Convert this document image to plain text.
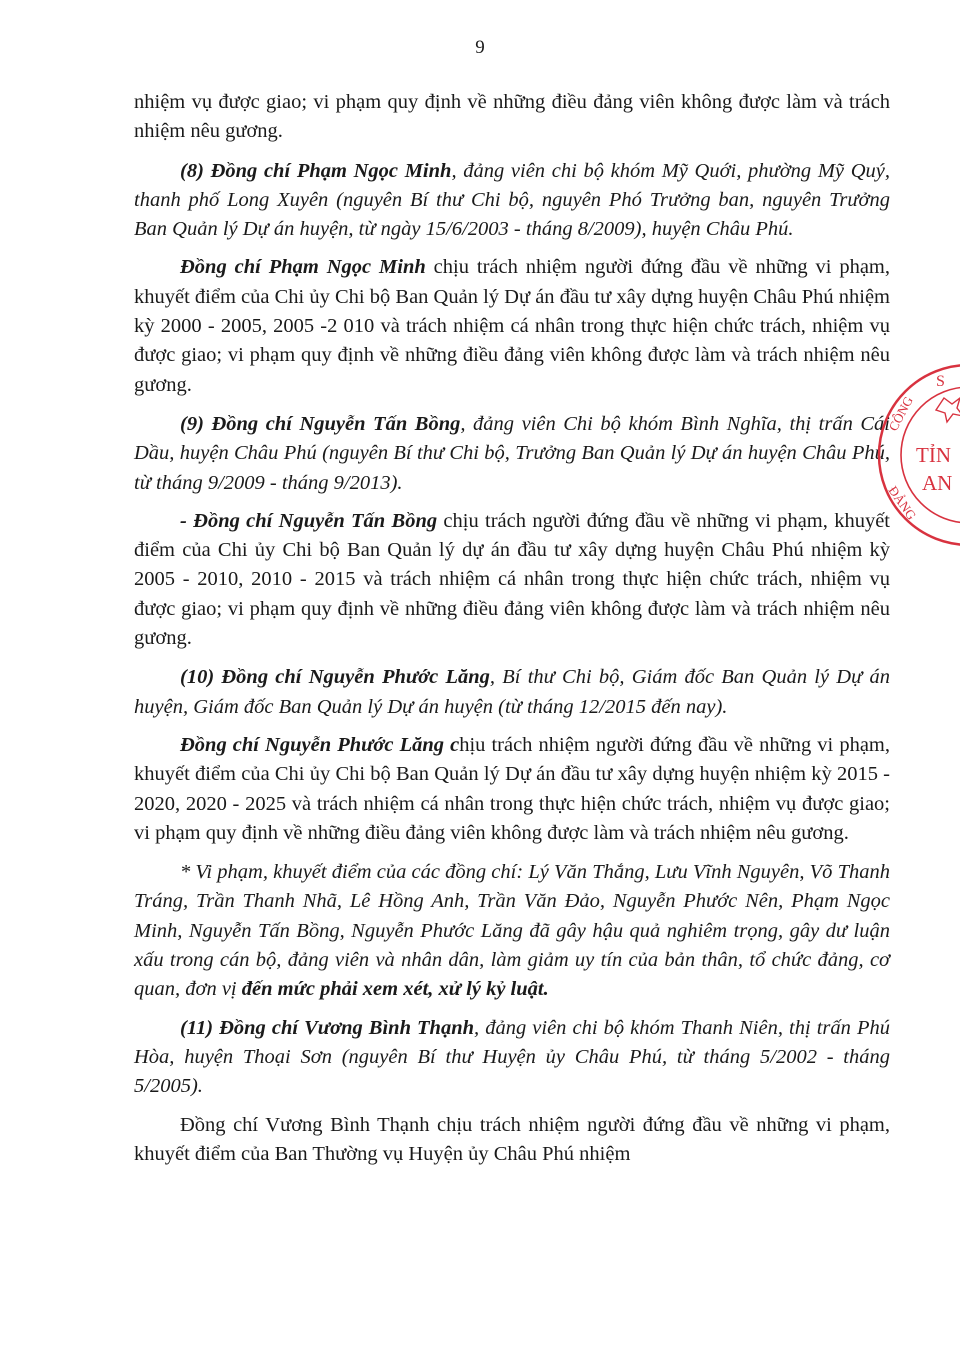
9

nhiệm vụ được giao; vi phạm quy định về những điều đảng viên không được làm và trách nhiệm nêu gương.

(8) Đồng chí Phạm Ngọc Minh, đảng viên chi bộ khóm Mỹ Quới, phường Mỹ Quý, thanh phố Long Xuyên (nguyên Bí thư Chi bộ, nguyên Phó Trưởng ban, nguyên Trưởng Ban Quản lý Dự án huyện, từ ngày 15/6/2003 - tháng 8/2009), huyện Châu Phú.

Đồng chí Phạm Ngọc Minh chịu trách nhiệm người đứng đầu về những vi phạm, khuyết điểm của Chi ủy Chi bộ Ban Quản lý Dự án đầu tư xây dựng huyện Châu Phú nhiệm kỳ 2000 - 2005, 2005 -2 010 và trách nhiệm cá nhân trong thực hiện chức trách, nhiệm vụ được giao; vi phạm quy định về những điều đảng viên không được làm và trách nhiệm nêu gương.

(9) Đồng chí Nguyễn Tấn Bồng, đảng viên Chi bộ khóm Bình Nghĩa, thị trấn Cái Dầu, huyện Châu Phú (nguyên Bí thư Chi bộ, Trưởng Ban Quản lý Dự án huyện Châu Phú, từ tháng 9/2009 - tháng 9/2013).

- Đồng chí Nguyễn Tấn Bồng chịu trách người đứng đầu về những vi phạm, khuyết điểm của Chi ủy Chi bộ Ban Quản lý dự án đầu tư xây dựng huyện Châu Phú nhiệm kỳ 2005 - 2010, 2010 - 2015 và trách nhiệm cá nhân trong thực hiện chức trách, nhiệm vụ được giao; vi phạm quy định về những điều đảng viên không được làm và trách nhiệm nêu gương.

(10) Đồng chí Nguyễn Phước Lăng, Bí thư Chi bộ, Giám đốc Ban Quản lý Dự án huyện, Giám đốc Ban Quản lý Dự án huyện (từ tháng 12/2015 đến nay).

Đồng chí Nguyễn Phước Lăng chịu trách nhiệm người đứng đầu về những vi phạm, khuyết điểm của Chi ủy Chi bộ Ban Quản lý Dự án đầu tư xây dựng huyện nhiệm kỳ 2015 - 2020, 2020 - 2025 và trách nhiệm cá nhân trong thực hiện chức trách, nhiệm vụ được giao; vi phạm quy định về những điều đảng viên không được làm và trách nhiệm nêu gương.

* Vi phạm, khuyết điểm của các đồng chí: Lý Văn Thắng, Lưu Vĩnh Nguyên, Võ Thanh Tráng, Trần Thanh Nhã, Lê Hồng Anh, Trần Văn Đảo, Nguyễn Phước Nên, Phạm Ngọc Minh, Nguyễn Tấn Bồng, Nguyễn Phước Lăng đã gây hậu quả nghiêm trọng, gây dư luận xấu trong cán bộ, đảng viên và nhân dân, làm giảm uy tín của bản thân, tổ chức đảng, cơ quan, đơn vị đến mức phải xem xét, xử lý kỷ luật.

(11) Đồng chí Vương Bình Thạnh, đảng viên chi bộ khóm Thanh Niên, thị trấn Phú Hòa, huyện Thoại Sơn (nguyên Bí thư Huyện ủy Châu Phú, từ tháng 5/2002 - tháng 5/2005).

Đồng chí Vương Bình Thạnh chịu trách nhiệm người đứng đầu về những vi phạm, khuyết điểm của Ban Thường vụ Huyện ủy Châu Phú nhiệm

S
CÔNG
TỈN
AN
ĐẢNG
